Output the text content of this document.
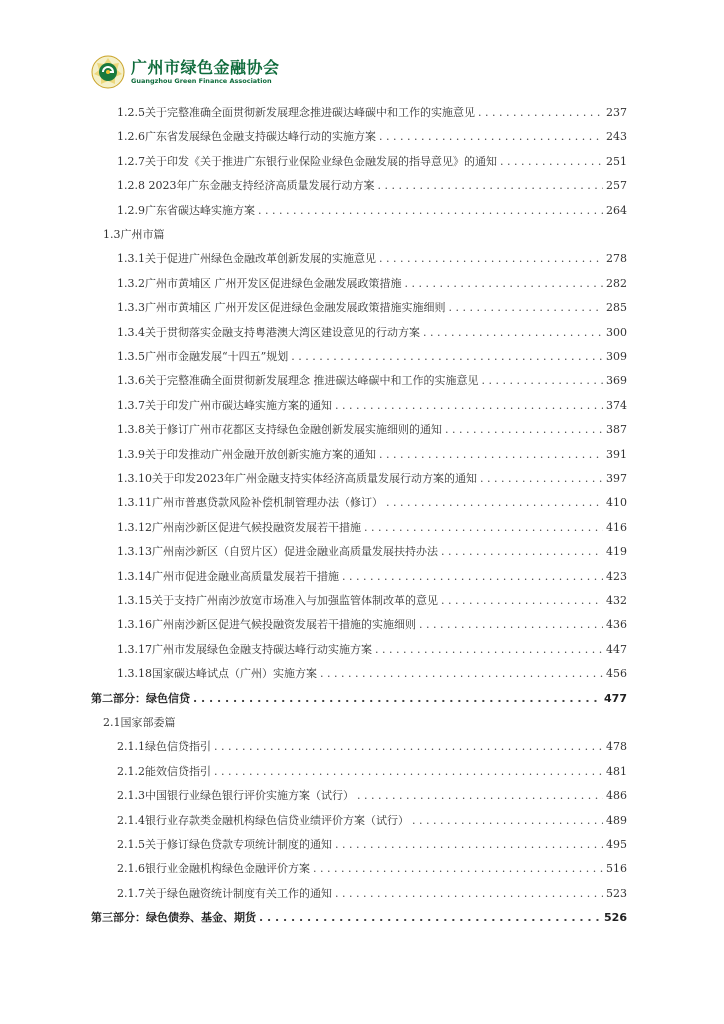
广州市绿色金融协会
Guangzhou Green Finance Association
1.2.5关于完整准确全面贯彻新发展理念推进碳达峰碳中和工作的实施意见 . . .	237
1.2.6广东省发展绿色金融支持碳达峰行动的实施方案 . . .	243
1.2.7关于印发《关于推进广东银行业保险业绿色金融发展的指导意见》的通知 . . .	251
1.2.8 2023年广东金融支持经济高质量发展行动方案 . . .	257
1.2.9广东省碳达峰实施方案 . . .	264
1.3广州市篇
1.3.1关于促进广州绿色金融改革创新发展的实施意见 . . .	278
1.3.2广州市黄埔区 广州开发区促进绿色金融发展政策措施 . . .	282
1.3.3广州市黄埔区 广州开发区促进绿色金融发展政策措施实施细则 . . .	285
1.3.4关于贯彻落实金融支持粤港澳大湾区建设意见的行动方案 . . .	300
1.3.5广州市金融发展“十四五”规划 . . .	309
1.3.6关于完整准确全面贯彻新发展理念 推进碳达峰碳中和工作的实施意见 . . .	369
1.3.7关于印发广州市碳达峰实施方案的通知 . . .	374
1.3.8关于修订广州市花都区支持绿色金融创新发展实施细则的通知 . . .	387
1.3.9关于印发推动广州金融开放创新实施方案的通知 . . .	391
1.3.10关于印发2023年广州金融支持实体经济高质量发展行动方案的通知 . . .	397
1.3.11广州市普惠贷款风险补偿机制管理办法（修订） . . .	410
1.3.12广州南沙新区促进气候投融资发展若干措施 . . .	416
1.3.13广州南沙新区（自贸片区）促进金融业高质量发展扶持办法 . . .	419
1.3.14广州市促进金融业高质量发展若干措施 . . .	423
1.3.15关于支持广州南沙放宽市场准入与加强监管体制改革的意见 . . .	432
1.3.16广州南沙新区促进气候投融资发展若干措施的实施细则 . . .	436
1.3.17广州市发展绿色金融支持碳达峰行动实施方案 . . .	447
1.3.18国家碳达峰试点（广州）实施方案 . . .	456
第二部分：绿色信贷 . . .	477
2.1国家部委篇
2.1.1绿色信贷指引 . . .	478
2.1.2能效信贷指引 . . .	481
2.1.3中国银行业绿色银行评价实施方案（试行） . . .	486
2.1.4银行业存款类金融机构绿色信贷业绩评价方案（试行） . . .	489
2.1.5关于修订绿色贷款专项统计制度的通知 . . .	495
2.1.6银行业金融机构绿色金融评价方案 . . .	516
2.1.7关于绿色融资统计制度有关工作的通知 . . .	523
第三部分：绿色债券、基金、期货 . . .	526
